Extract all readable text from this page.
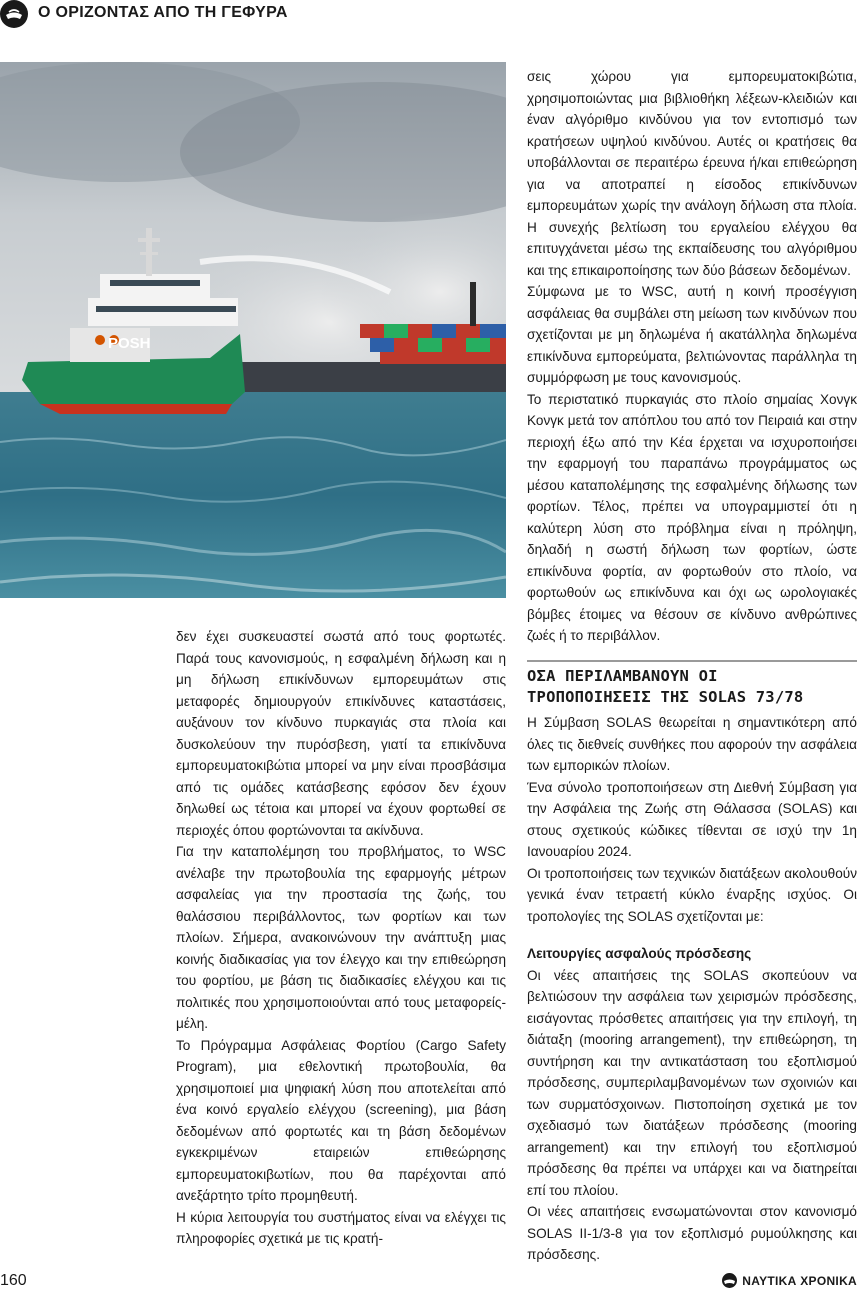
Ο ΟΡΙΖΟΝΤΑΣ ΑΠΟ ΤΗ ΓΕΦΥΡΑ
POSH

δεν έχει συσκευαστεί σωστά από τους φορτωτές. Παρά τους κανονισμούς, η εσφαλμένη δήλωση και η μη δήλωση επικίνδυνων εμπορευμάτων στις μεταφορές δημιουργούν επικίνδυνες καταστάσεις, αυξάνουν τον κίνδυνο πυρκαγιάς στα πλοία και δυσκολεύουν την πυρόσβεση, γιατί τα επικίνδυνα εμπορευματοκιβώτια μπορεί να μην είναι προσβάσιμα από τις ομάδες κατάσβεσης εφόσον δεν έχουν δηλωθεί ως τέτοια και μπορεί να έχουν φορτωθεί σε περιοχές όπου φορτώνονται τα ακίνδυνα.

Για την καταπολέμηση του προβλήματος, το WSC ανέλαβε την πρωτοβουλία της εφαρμογής μέτρων ασφαλείας για την προστασία της ζωής, του θαλάσσιου περιβάλλοντος, των φορτίων και των πλοίων. Σήμερα, ανακοινώνουν την ανάπτυξη μιας κοινής διαδικασίας για τον έλεγχο και την επιθεώρηση του φορτίου, με βάση τις διαδικασίες ελέγχου και τις πολιτικές που χρησιμοποιούνται από τους μεταφορείς-μέλη.

Το Πρόγραμμα Ασφάλειας Φορτίου (Cargo Safety Program), μια εθελοντική πρωτοβουλία, θα χρησιμοποιεί μια ψηφιακή λύση που αποτελείται από ένα κοινό εργαλείο ελέγχου (screening), μια βάση δεδομένων από φορτωτές και τη βάση δεδομένων εγκεκριμένων εταιρειών επιθεώρησης εμπορευματοκιβωτίων, που θα παρέχονται από ανεξάρτητο τρίτο προμηθευτή.

Η κύρια λειτουργία του συστήματος είναι να ελέγχει τις πληροφορίες σχετικά με τις κρατή-

σεις χώρου για εμπορευματοκιβώτια, χρησιμοποιώντας μια βιβλιοθήκη λέξεων-κλειδιών και έναν αλγόριθμο κινδύνου για τον εντοπισμό των κρατήσεων υψηλού κινδύνου. Αυτές οι κρατήσεις θα υποβάλλονται σε περαιτέρω έρευνα ή/και επιθεώρηση για να αποτραπεί η είσοδος επικίνδυνων εμπορευμάτων χωρίς την ανάλογη δήλωση στα πλοία. Η συνεχής βελτίωση του εργαλείου ελέγχου θα επιτυγχάνεται μέσω της εκπαίδευσης του αλγόριθμου και της επικαιροποίησης των δύο βάσεων δεδομένων.

Σύμφωνα με το WSC, αυτή η κοινή προσέγγιση ασφάλειας θα συμβάλει στη μείωση των κινδύνων που σχετίζονται με μη δηλωμένα ή ακατάλληλα δηλωμένα επικίνδυνα εμπορεύματα, βελτιώνοντας παράλληλα τη συμμόρφωση με τους κανονισμούς.

Το περιστατικό πυρκαγιάς στο πλοίο σημαίας Χονγκ Κονγκ μετά τον απόπλου του από τον Πειραιά και στην περιοχή έξω από την Κέα έρχεται να ισχυροποιήσει την εφαρμογή του παραπάνω προγράμματος ως μέσου καταπολέμησης της εσφαλμένης δήλωσης των φορτίων. Τέλος, πρέπει να υπογραμμιστεί ότι η καλύτερη λύση στο πρόβλημα είναι η πρόληψη, δηλαδή η σωστή δήλωση των φορτίων, ώστε επικίνδυνα φορτία, αν φορτωθούν στο πλοίο, να φορτωθούν ως επικίνδυνα και όχι ως ωρολογιακές βόμβες έτοιμες να θέσουν σε κίνδυνο ανθρώπινες ζωές ή το περιβάλλον.

ΟΣΑ ΠΕΡΙΛΑΜΒΑΝΟΥΝ ΟΙ
ΤΡΟΠΟΠΟΙΗΣΕΙΣ ΤΗΣ SOLAS 73/78

Η Σύμβαση SOLAS θεωρείται η σημαντικότερη από όλες τις διεθνείς συνθήκες που αφορούν την ασφάλεια των εμπορικών πλοίων.

Ένα σύνολο τροποποιήσεων στη Διεθνή Σύμβαση για την Ασφάλεια της Ζωής στη Θάλασσα (SOLAS) και στους σχετικούς κώδικες τίθενται σε ισχύ την 1η Ιανουαρίου 2024.

Οι τροποποιήσεις των τεχνικών διατάξεων ακολουθούν γενικά έναν τετραετή κύκλο έναρξης ισχύος. Οι τροπολογίες της SOLAS σχετίζονται με:

Λειτουργίες ασφαλούς πρόσδεσης

Οι νέες απαιτήσεις της SOLAS σκοπεύουν να βελτιώσουν την ασφάλεια των χειρισμών πρόσδεσης, εισάγοντας πρόσθετες απαιτήσεις για την επιλογή, τη διάταξη (mooring arrangement), την επιθεώρηση, τη συντήρηση και την αντικατάσταση του εξοπλισμού πρόσδεσης, συμπεριλαμβανομένων των σχοινιών και των συρματόσχοινων. Πιστοποίηση σχετικά με τον σχεδιασμό των διατάξεων πρόσδεσης (mooring arrangement) και την επιλογή του εξοπλισμού πρόσδεσης θα πρέπει να υπάρχει και να διατηρείται επί του πλοίου.

Οι νέες απαιτήσεις ενσωματώνονται στον κανονισμό SOLAS II-1/3-8 για τον εξοπλισμό ρυμούλκησης και πρόσδεσης.

160	ΝΑΥΤΙΚΑ ΧΡΟΝΙΚΑ
